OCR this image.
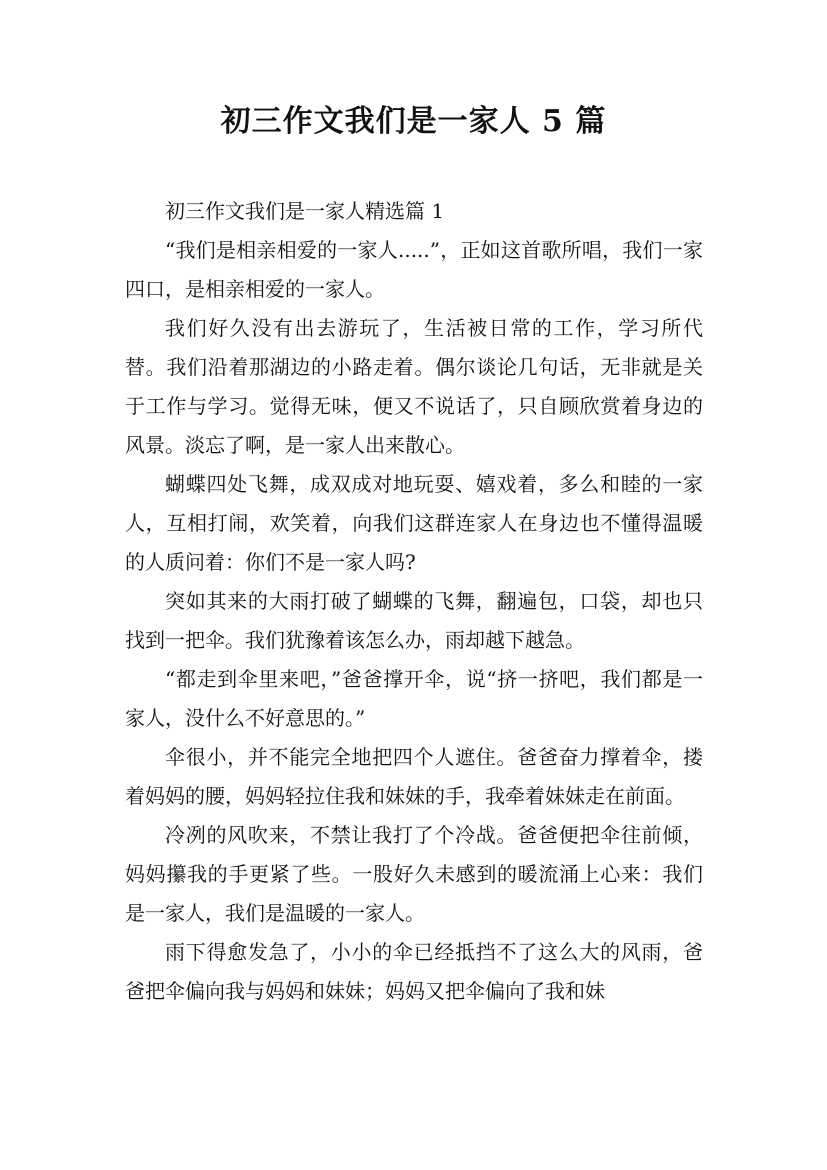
初三作文我们是一家人 5 篇

初三作文我们是一家人精选篇 1

“我们是相亲相爱的一家人.....”，正如这首歌所唱，我们一家四口，是相亲相爱的一家人。

我们好久没有出去游玩了，生活被日常的工作，学习所代替。我们沿着那湖边的小路走着。偶尔谈论几句话，无非就是关于工作与学习。觉得无味，便又不说话了，只自顾欣赏着身边的风景。淡忘了啊，是一家人出来散心。

蝴蝶四处飞舞，成双成对地玩耍、嬉戏着，多么和睦的一家人，互相打闹，欢笑着，向我们这群连家人在身边也不懂得温暖的人质问着：你们不是一家人吗?

突如其来的大雨打破了蝴蝶的飞舞，翻遍包，口袋，却也只找到一把伞。我们犹豫着该怎么办，雨却越下越急。

“都走到伞里来吧，”爸爸撑开伞，说“挤一挤吧，我们都是一家人，没什么不好意思的。”

伞很小，并不能完全地把四个人遮住。爸爸奋力撑着伞，搂着妈妈的腰，妈妈轻拉住我和妹妹的手，我牵着妹妹走在前面。

冷冽的风吹来，不禁让我打了个冷战。爸爸便把伞往前倾，妈妈攥我的手更紧了些。一股好久未感到的暖流涌上心来：我们是一家人，我们是温暖的一家人。

雨下得愈发急了，小小的伞已经抵挡不了这么大的风雨，爸爸把伞偏向我与妈妈和妹妹；妈妈又把伞偏向了我和妹
